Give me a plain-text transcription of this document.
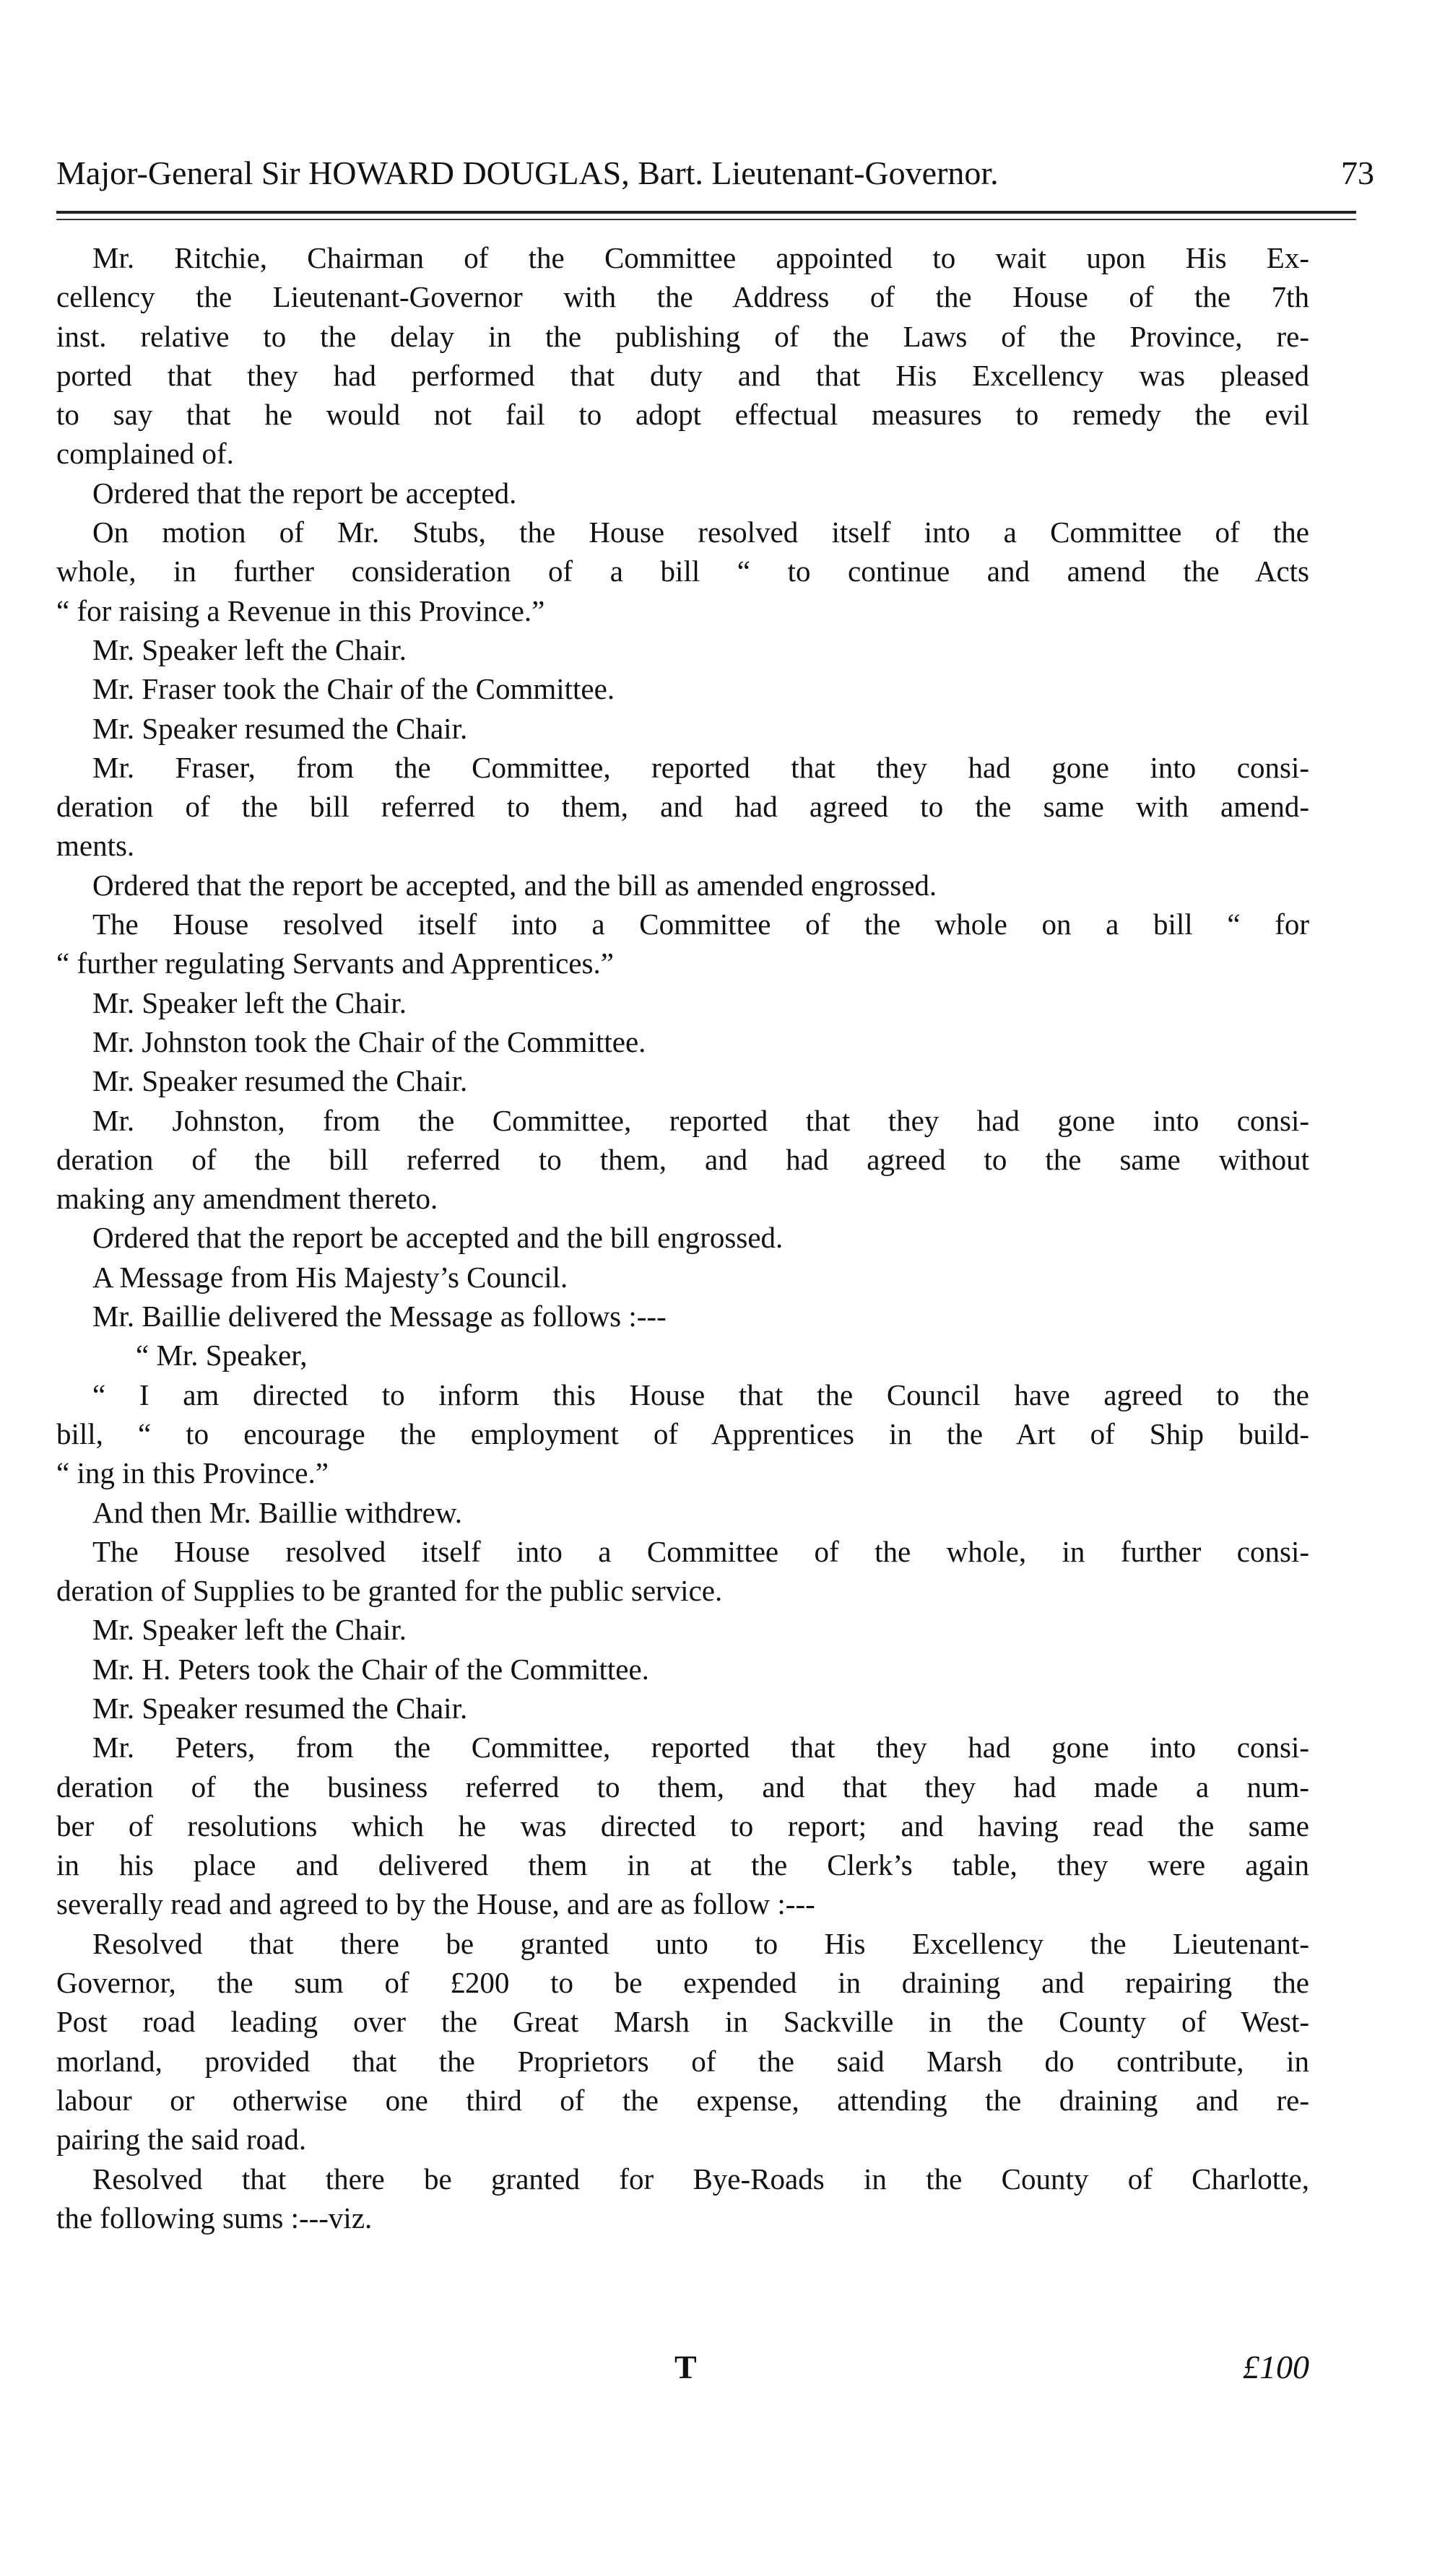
Major-General Sir HOWARD DOUGLAS, Bart. Lieutenant-Governor.	73

Mr. Ritchie, Chairman of the Committee appointed to wait upon His Ex-

cellency the Lieutenant-Governor with the Address of the House of the 7th

inst. relative to the delay in the publishing of the Laws of the Province, re-

ported that they had performed that duty and that His Excellency was pleased

to say that he would not fail to adopt effectual measures to remedy the evil

complained of.

Ordered that the report be accepted.

On motion of Mr. Stubs, the House resolved itself into a Committee of the

whole, in further consideration of a bill “ to continue and amend the Acts

“ for raising a Revenue in this Province.”

Mr. Speaker left the Chair.

Mr. Fraser took the Chair of the Committee.

Mr. Speaker resumed the Chair.

Mr. Fraser, from the Committee, reported that they had gone into consi-

deration of the bill referred to them, and had agreed to the same with amend-

ments.

Ordered that the report be accepted, and the bill as amended engrossed.

The House resolved itself into a Committee of the whole on a bill “ for

“ further regulating Servants and Apprentices.”

Mr. Speaker left the Chair.

Mr. Johnston took the Chair of the Committee.

Mr. Speaker resumed the Chair.

Mr. Johnston, from the Committee, reported that they had gone into consi-

deration of the bill referred to them, and had agreed to the same without

making any amendment thereto.

Ordered that the report be accepted and the bill engrossed.

A Message from His Majesty’s Council.

Mr. Baillie delivered the Message as follows :---

“ Mr. Speaker,

“ I am directed to inform this House that the Council have agreed to the

bill, “ to encourage the employment of Apprentices in the Art of Ship build-

“ ing in this Province.”

And then Mr. Baillie withdrew.

The House resolved itself into a Committee of the whole, in further consi-

deration of Supplies to be granted for the public service.

Mr. Speaker left the Chair.

Mr. H. Peters took the Chair of the Committee.

Mr. Speaker resumed the Chair.

Mr. Peters, from the Committee, reported that they had gone into consi-

deration of the business referred to them, and that they had made a num-

ber of resolutions which he was directed to report; and having read the same

in his place and delivered them in at the Clerk’s table, they were again

severally read and agreed to by the House, and are as follow :---

Resolved that there be granted unto to His Excellency the Lieutenant-

Governor, the sum of £200 to be expended in draining and repairing the

Post road leading over the Great Marsh in Sackville in the County of West-

morland, provided that the Proprietors of the said Marsh do contribute, in

labour or otherwise one third of the expense, attending the draining and re-

pairing the said road.

Resolved that there be granted for Bye-Roads in the County of Charlotte,

the following sums :---viz.

T	£100
